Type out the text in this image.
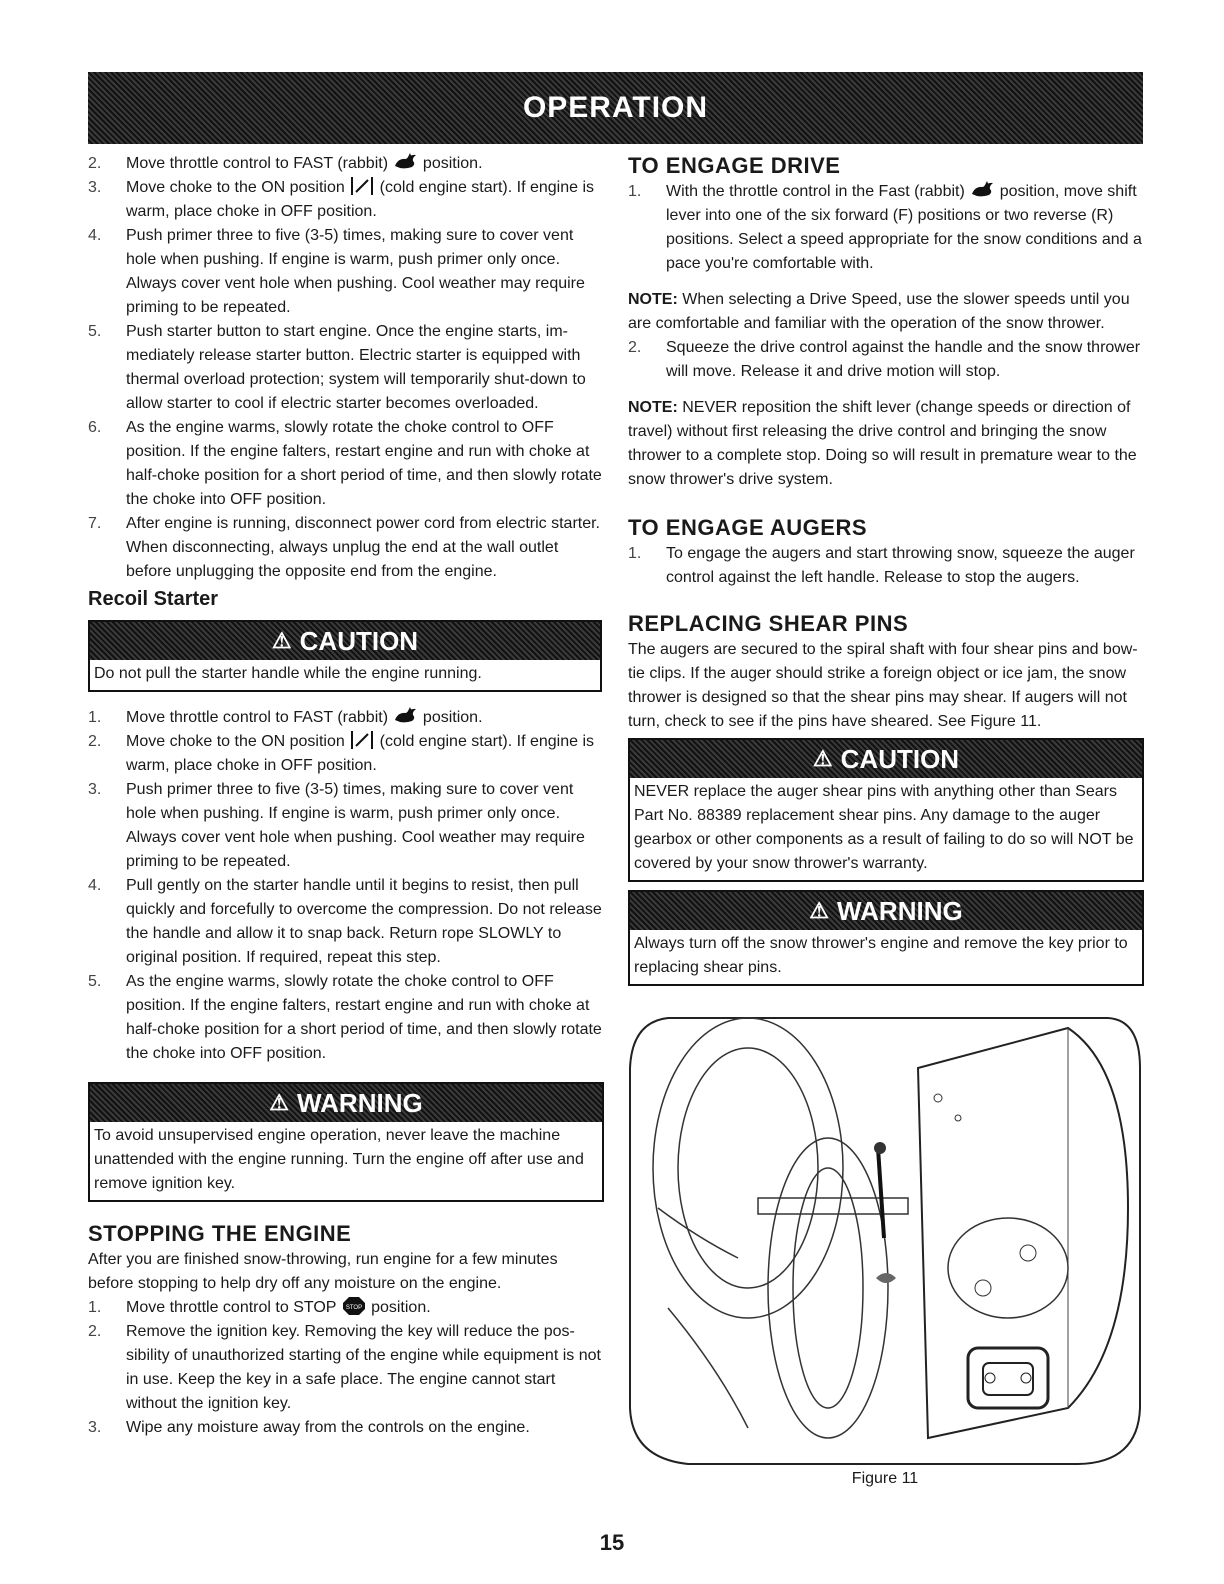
OPERATION
2.	Move throttle control to FAST (rabbit)  position.
3.	Move choke to the ON position  (cold engine start). If engine is warm, place choke in OFF position.
4.	Push primer three to five (3-5) times, making sure to cover vent hole when pushing. If engine is warm, push primer only once. Always cover vent hole when pushing. Cool weather may require priming to be repeated.
5.	Push starter button to start engine. Once the engine starts, im-mediately release starter button. Electric starter is equipped with thermal overload protection; system will temporarily shut-down to allow starter to cool if electric starter becomes overloaded.
6.	As the engine warms, slowly rotate the choke control to OFF position. If the engine falters, restart engine and run with choke at half-choke position for a short period of time, and then slowly rotate the choke into OFF position.
7.	After engine is running, disconnect power cord from electric starter. When disconnecting, always unplug the end at the wall outlet before unplugging the opposite end from the engine.
Recoil Starter
⚠ CAUTION
Do not pull the starter handle while the engine running.
1.	Move throttle control to FAST (rabbit)  position.
2.	Move choke to the ON position  (cold engine start). If engine is warm, place choke in OFF position.
3.	Push primer three to five (3-5) times, making sure to cover vent hole when pushing. If engine is warm, push primer only once. Always cover vent hole when pushing. Cool weather may require priming to be repeated.
4.	Pull gently on the starter handle until it begins to resist, then pull quickly and forcefully to overcome the compression. Do not release the handle and allow it to snap back. Return rope SLOWLY to original position. If required, repeat this step.
5.	As the engine warms, slowly rotate the choke control to OFF position. If the engine falters, restart engine and run with choke at half-choke position for a short period of time, and then slowly rotate the choke into OFF position.
⚠ WARNING
To avoid unsupervised engine operation, never leave the machine unattended with the engine running. Turn the engine off after use and remove ignition key.
STOPPING THE ENGINE

After you are finished snow-throwing, run engine for a few minutes before stopping to help dry off any moisture on the engine.

1.	Move throttle control to STOP STOP position.
2.	Remove the ignition key. Removing the key will reduce the pos-sibility of unauthorized starting of the engine while equipment is not in use. Keep the key in a safe place. The engine cannot start without the ignition key.
3.	Wipe any moisture away from the controls on the engine.
TO ENGAGE DRIVE
1.	With the throttle control in the Fast (rabbit)  position, move shift lever into one of the six forward (F) positions or two reverse (R) positions. Select a speed appropriate for the snow conditions and a pace you're comfortable with.

NOTE: When selecting a Drive Speed, use the slower speeds until you are comfortable and familiar with the operation of the snow thrower.

2.	Squeeze the drive control against the handle and the snow thrower will move. Release it and drive motion will stop.

NOTE: NEVER reposition the shift lever (change speeds or direction of travel) without first releasing the drive control and bringing the snow thrower to a complete stop. Doing so will result in premature wear to the snow thrower's drive system.

TO ENGAGE AUGERS
1.	To engage the augers and start throwing snow, squeeze the auger control against the left handle. Release to stop the augers.
REPLACING SHEAR PINS

The augers are secured to the spiral shaft with four shear pins and bow-tie clips. If the auger should strike a foreign object or ice jam, the snow thrower is designed so that the shear pins may shear. If augers will not turn, check to see if the pins have sheared. See Figure 11.

⚠ CAUTION
NEVER replace the auger shear pins with anything other than Sears Part No. 88389 replacement shear pins. Any damage to the auger gearbox or other components as a result of failing to do so will NOT be covered by your snow thrower's warranty.
⚠ WARNING
Always turn off the snow thrower's engine and remove the key prior to replacing shear pins.
Figure 11
15
